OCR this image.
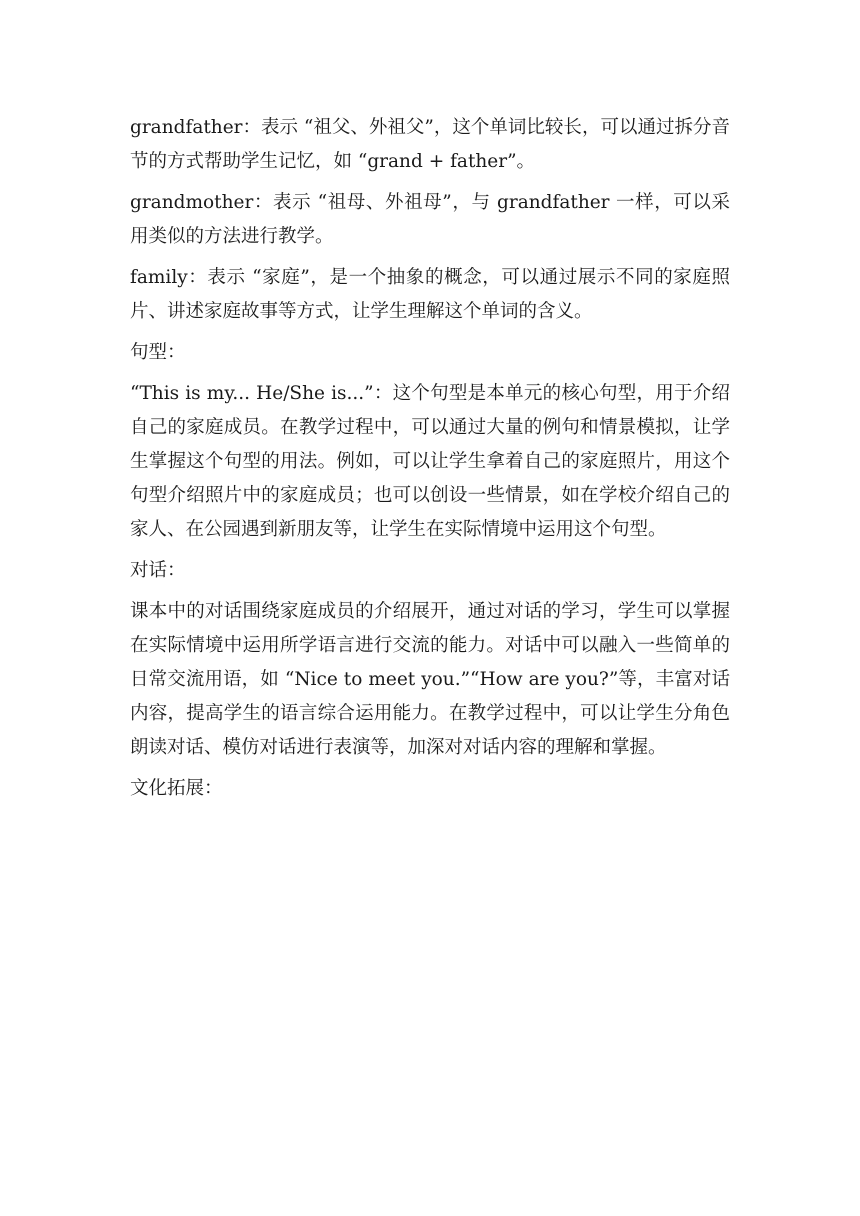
grandfather：表示 “祖父、外祖父”，这个单词比较长，可以通过拆分音节的方式帮助学生记忆，如 “grand + father”。

grandmother：表示 “祖母、外祖母”，与 grandfather 一样，可以采用类似的方法进行教学。

family：表示 “家庭”，是一个抽象的概念，可以通过展示不同的家庭照片、讲述家庭故事等方式，让学生理解这个单词的含义。

句型：

“This is my... He/She is...”：这个句型是本单元的核心句型，用于介绍自己的家庭成员。在教学过程中，可以通过大量的例句和情景模拟，让学生掌握这个句型的用法。例如，可以让学生拿着自己的家庭照片，用这个句型介绍照片中的家庭成员；也可以创设一些情景，如在学校介绍自己的家人、在公园遇到新朋友等，让学生在实际情境中运用这个句型。

对话：

课本中的对话围绕家庭成员的介绍展开，通过对话的学习，学生可以掌握在实际情境中运用所学语言进行交流的能力。对话中可以融入一些简单的日常交流用语，如 “Nice to meet you.”“How are you?”等，丰富对话内容，提高学生的语言综合运用能力。在教学过程中，可以让学生分角色朗读对话、模仿对话进行表演等，加深对对话内容的理解和掌握。

文化拓展：
